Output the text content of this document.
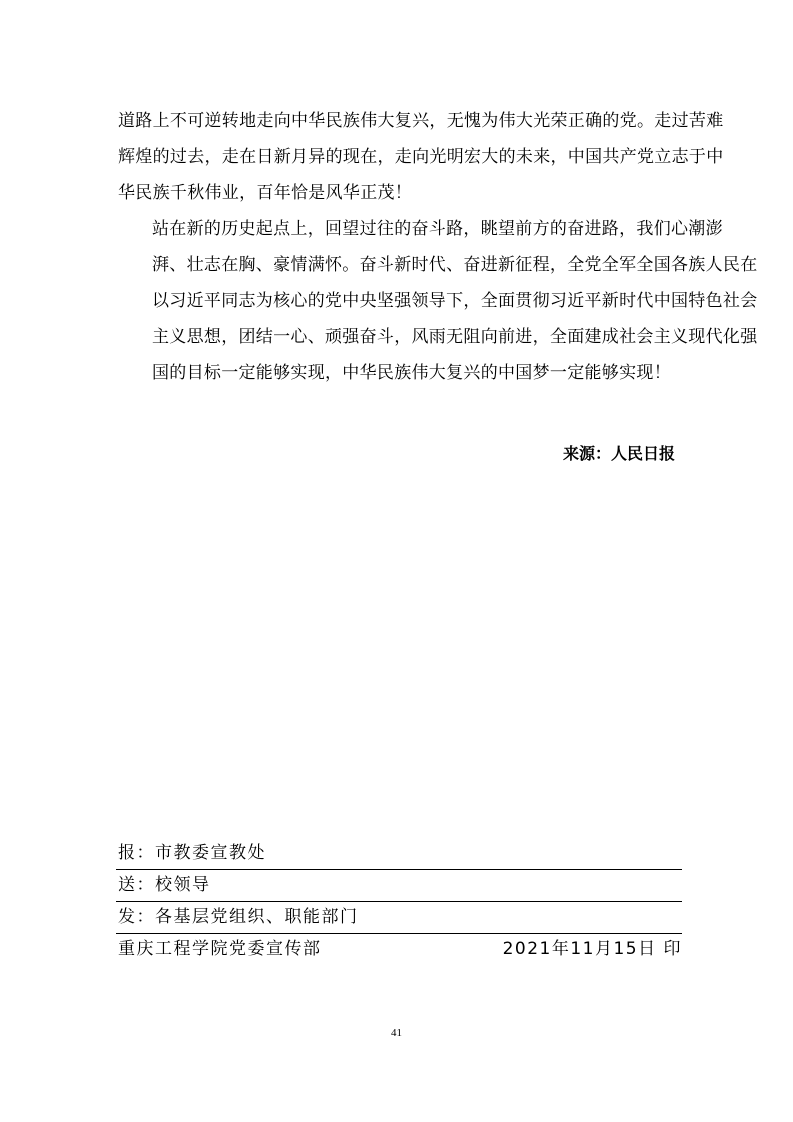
道路上不可逆转地走向中华民族伟大复兴，无愧为伟大光荣正确的党。走过苦难
辉煌的过去，走在日新月异的现在，走向光明宏大的未来，中国共产党立志于中
华民族千秋伟业，百年恰是风华正茂！

站在新的历史起点上，回望过往的奋斗路，眺望前方的奋进路，我们心潮澎
湃、壮志在胸、豪情满怀。奋斗新时代、奋进新征程，全党全军全国各族人民在
以习近平同志为核心的党中央坚强领导下，全面贯彻习近平新时代中国特色社会
主义思想，团结一心、顽强奋斗，风雨无阻向前进，全面建成社会主义现代化强
国的目标一定能够实现，中华民族伟大复兴的中国梦一定能够实现！

来源：人民日报
报：市教委宣教处
送：校领导
发：各基层党组织、职能部门
重庆工程学院党委宣传部	2021年11月15日 印
41
